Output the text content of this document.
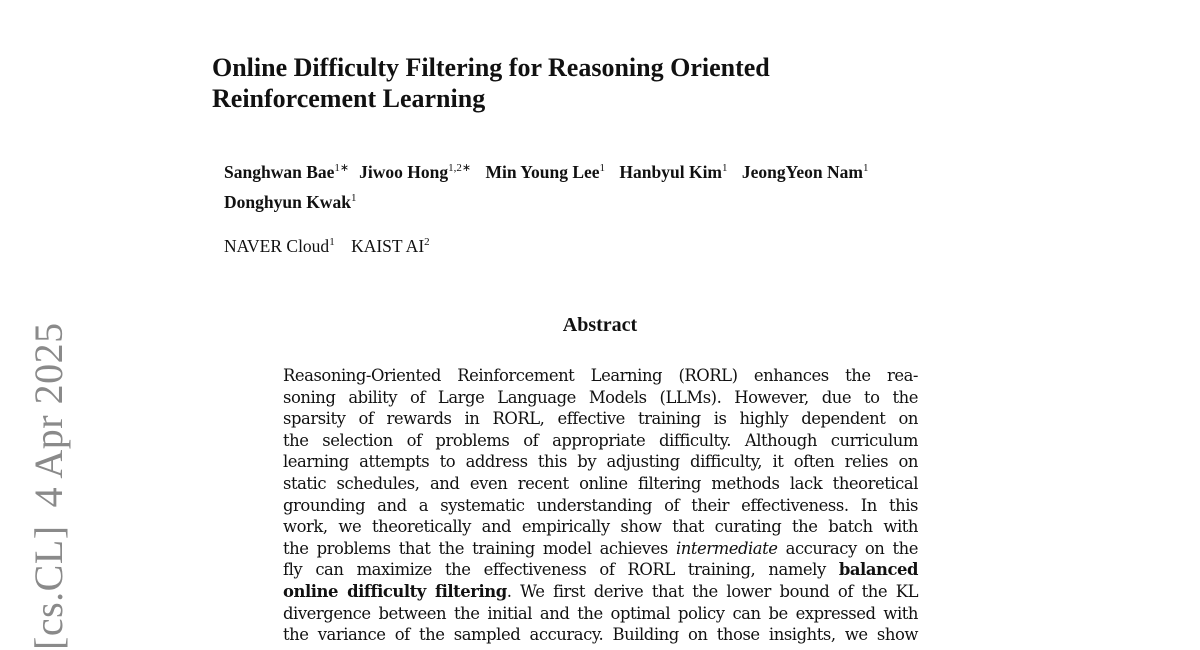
[cs.CL]4 Apr 2025
Online Difficulty Filtering for Reasoning Oriented
Reinforcement Learning
Sanghwan Bae$^{1∗}$ Jiwoo Hong$^{1,2∗}$ Min Young Lee$^1$ Hanbyul Kim$^1$ JeongYeon Nam$^1$
Donghyun Kwak$^1$
NAVER Cloud$^1$ KAIST $AI^2$
Abstract
Reasoning-Oriented Reinforcement Learning (RORL) enhances the rea-
soning ability of Large Language Models (LLMs). However, due to the
sparsity of rewards in RORL, effective training is highly dependent on
the selection of problems of appropriate difficulty. Although curriculum
learning attempts to address this by adjusting difficulty, it often relies on
static schedules, and even recent online filtering methods lack theoretical
grounding and a systematic understanding of their effectiveness. In this
work, we theoretically and empirically show that curating the batch with
the problems that the training model achieves intermediate accuracy on the
fly can maximize the effectiveness of RORL training, namely balanced
online difficulty filtering. We first derive that the lower bound of the KL
divergence between the initial and the optimal policy can be expressed with
the variance of the sampled accuracy. Building on those insights, we show
